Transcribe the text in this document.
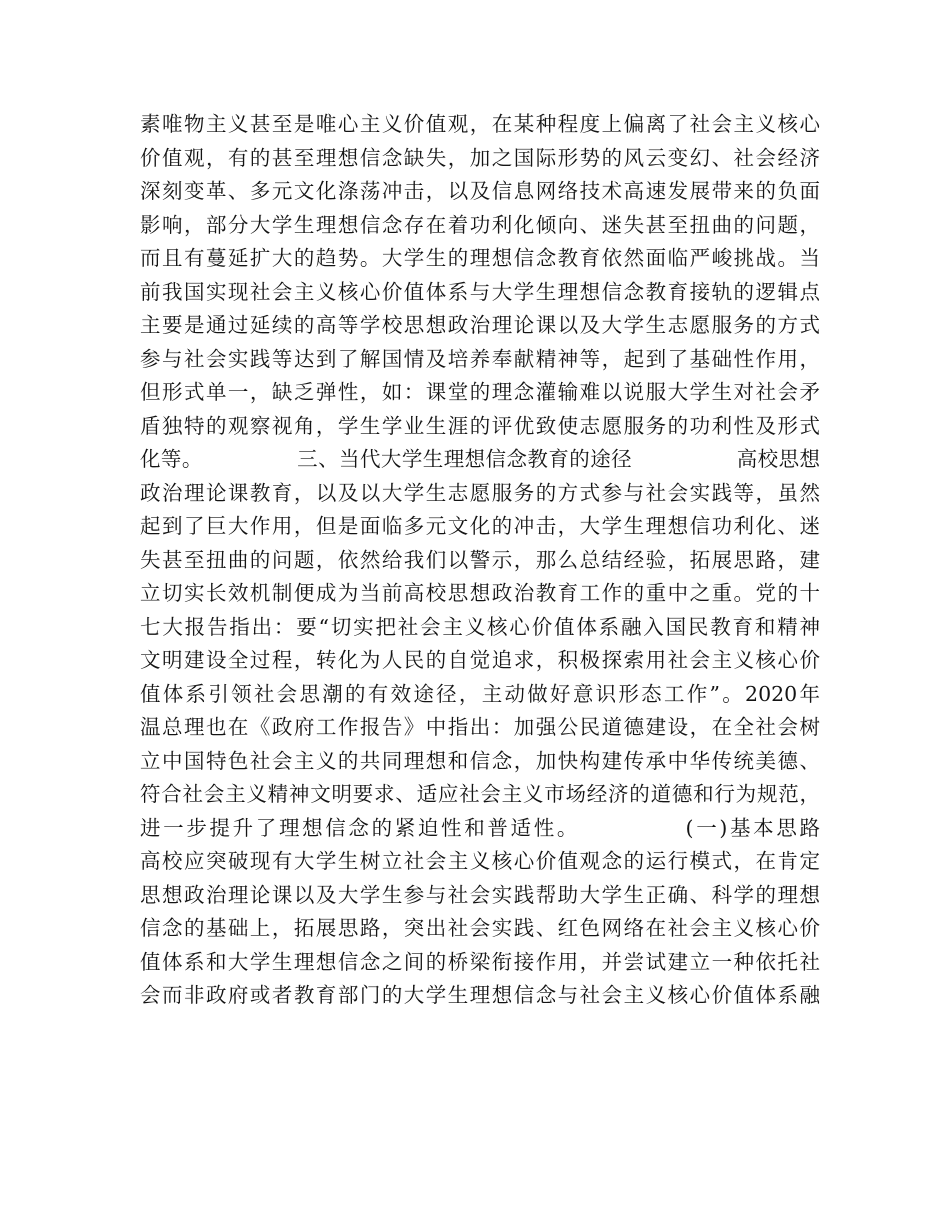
素唯物主义甚至是唯心主义价值观，在某种程度上偏离了社会主义核心
价值观，有的甚至理想信念缺失，加之国际形势的风云变幻、社会经济
深刻变革、多元文化涤荡冲击，以及信息网络技术高速发展带来的负面
影响，部分大学生理想信念存在着功利化倾向、迷失甚至扭曲的问题，
而且有蔓延扩大的趋势。大学生的理想信念教育依然面临严峻挑战。当
前我国实现社会主义核心价值体系与大学生理想信念教育接轨的逻辑点
主要是通过延续的高等学校思想政治理论课以及大学生志愿服务的方式
参与社会实践等达到了解国情及培养奉献精神等，起到了基础性作用，
但形式单一，缺乏弹性，如：课堂的理念灌输难以说服大学生对社会矛
盾独特的观察视角，学生学业生涯的评优致使志愿服务的功利性及形式
化等。　　　　　三、当代大学生理想信念教育的途径　　　　　高校思想
政治理论课教育，以及以大学生志愿服务的方式参与社会实践等，虽然
起到了巨大作用，但是面临多元文化的冲击，大学生理想信功利化、迷
失甚至扭曲的问题，依然给我们以警示，那么总结经验，拓展思路，建
立切实长效机制便成为当前高校思想政治教育工作的重中之重。党的十
七大报告指出：要“切实把社会主义核心价值体系融入国民教育和精神
文明建设全过程，转化为人民的自觉追求，积极探索用社会主义核心价
值体系引领社会思潮的有效途径，主动做好意识形态工作”。2020年
温总理也在《政府工作报告》中指出：加强公民道德建设，在全社会树
立中国特色社会主义的共同理想和信念，加快构建传承中华传统美德、
符合社会主义精神文明要求、适应社会主义市场经济的道德和行为规范，
进一步提升了理想信念的紧迫性和普适性。　　　　　(一)基本思路
高校应突破现有大学生树立社会主义核心价值观念的运行模式，在肯定
思想政治理论课以及大学生参与社会实践帮助大学生正确、科学的理想
信念的基础上，拓展思路，突出社会实践、红色网络在社会主义核心价
值体系和大学生理想信念之间的桥梁衔接作用，并尝试建立一种依托社
会而非政府或者教育部门的大学生理想信念与社会主义核心价值体系融
